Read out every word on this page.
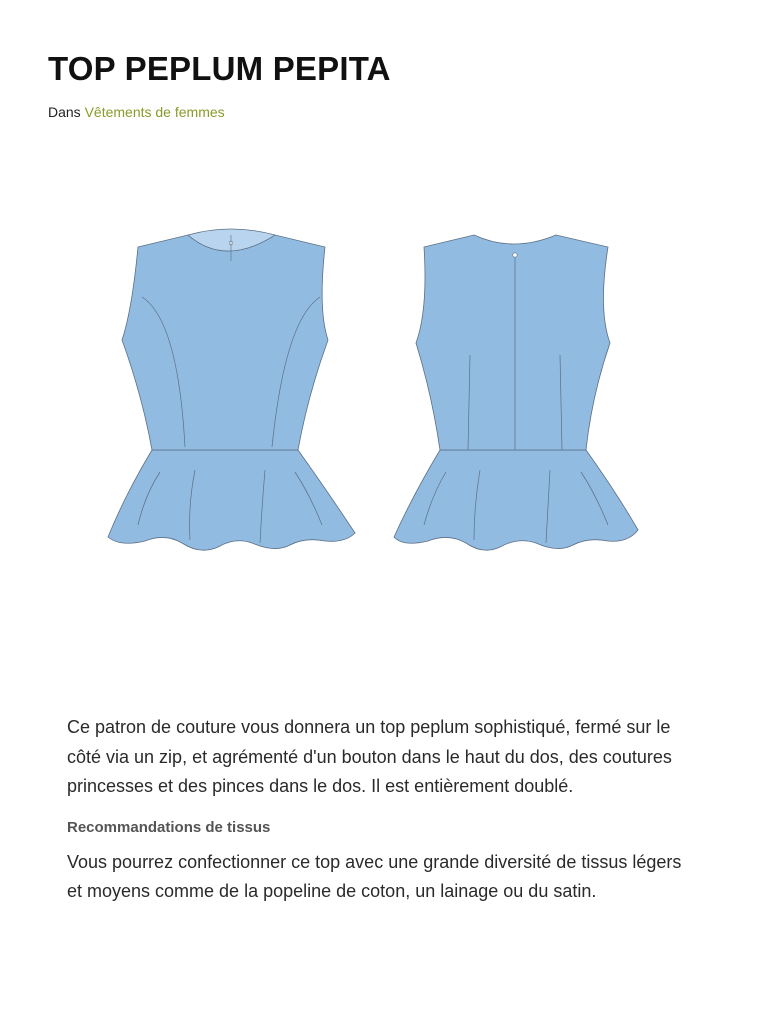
TOP PEPLUM PEPITA
Dans Vêtements de femmes

Ce patron de couture vous donnera un top peplum sophistiqué, fermé sur le côté via un zip, et agrémenté d'un bouton dans le haut du dos, des coutures princesses et des pinces dans le dos. Il est entièrement doublé.

Recommandations de tissus

Vous pourrez confectionner ce top avec une grande diversité de tissus légers et moyens comme de la popeline de coton, un lainage ou du satin.
